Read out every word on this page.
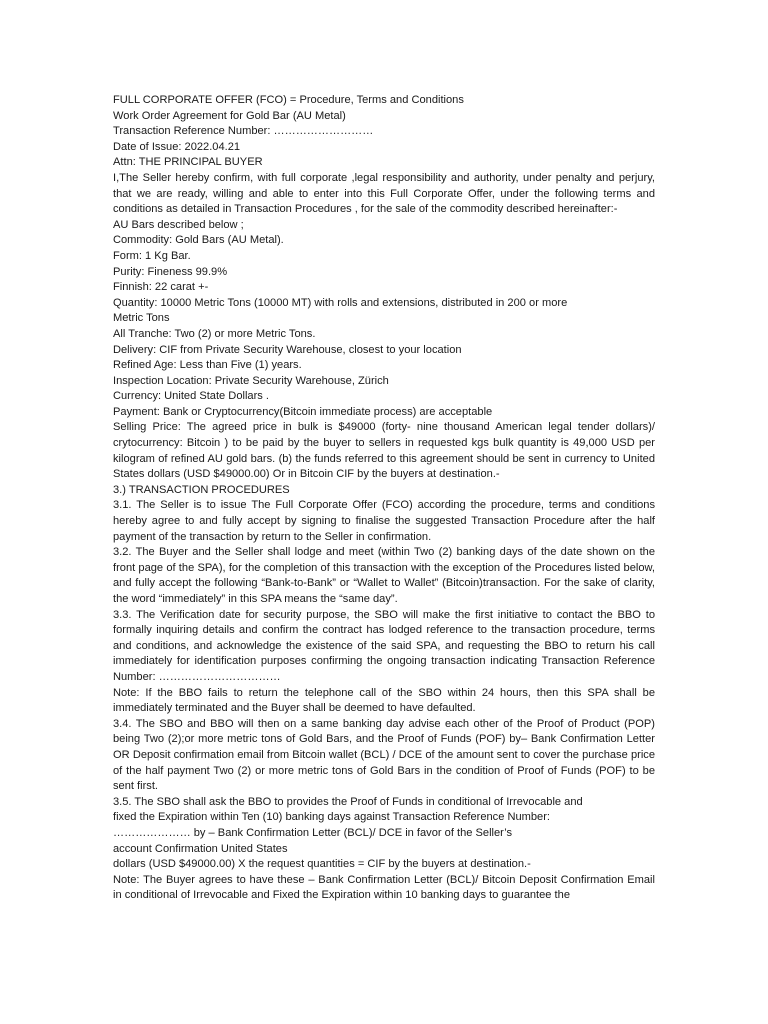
FULL CORPORATE OFFER (FCO) = Procedure, Terms and Conditions

Work Order Agreement for Gold Bar (AU Metal)

Transaction Reference Number: ………………………

Date of Issue: 2022.04.21

Attn: THE PRINCIPAL BUYER

I,The Seller hereby confirm, with full corporate ,legal responsibility and authority, under penalty and perjury, that we are ready, willing and able to enter into this Full Corporate Offer, under the following terms and conditions as detailed in Transaction Procedures , for the sale of the commodity described hereinafter:-

AU Bars described below ;

Commodity: Gold Bars (AU Metal).

Form: 1 Kg Bar.

Purity: Fineness 99.9%

Finnish: 22 carat +-

Quantity: 10000 Metric Tons (10000 MT) with rolls and extensions, distributed in 200 or more

Metric Tons

All Tranche: Two (2) or more Metric Tons.

Delivery: CIF from Private Security Warehouse, closest to your location

Refined Age: Less than Five (1) years.

Inspection Location: Private Security Warehouse, Zürich

Currency: United State Dollars .

Payment: Bank or Cryptocurrency(Bitcoin immediate process) are acceptable

Selling Price: The agreed price in bulk is $49000 (forty- nine thousand American legal tender dollars)/ crytocurrency: Bitcoin ) to be paid by the buyer to sellers in requested kgs bulk quantity is 49,000 USD per kilogram of refined AU gold bars. (b) the funds referred to this agreement should be sent in currency to United States dollars (USD $49000.00) Or in Bitcoin CIF by the buyers at destination.-

3.) TRANSACTION PROCEDURES

3.1. The Seller is to issue The Full Corporate Offer (FCO) according the procedure, terms and conditions hereby agree to and fully accept by signing to finalise the suggested Transaction Procedure after the half payment of the transaction by return to the Seller in confirmation.

3.2. The Buyer and the Seller shall lodge and meet (within Two (2) banking days of the date shown on the front page of the SPA), for the completion of this transaction with the exception of the Procedures listed below, and fully accept the following “Bank-to-Bank” or “Wallet to Wallet” (Bitcoin)transaction. For the sake of clarity, the word “immediately” in this SPA means the “same day”.

3.3. The Verification date for security purpose, the SBO will make the first initiative to contact the BBO to formally inquiring details and confirm the contract has lodged reference to the transaction procedure, terms and conditions, and acknowledge the existence of the said SPA, and requesting the BBO to return his call immediately for identification purposes confirming the ongoing transaction indicating Transaction Reference Number: ……………………………

Note: If the BBO fails to return the telephone call of the SBO within 24 hours, then this SPA shall be immediately terminated and the Buyer shall be deemed to have defaulted.

3.4. The SBO and BBO will then on a same banking day advise each other of the Proof of Product (POP) being Two (2);or more metric tons of Gold Bars, and the Proof of Funds (POF) by– Bank Confirmation Letter OR Deposit confirmation email from Bitcoin wallet (BCL) / DCE of the amount sent to cover the purchase price of the half payment Two (2) or more metric tons of Gold Bars in the condition of Proof of Funds (POF) to be sent first.

3.5. The SBO shall ask the BBO to provides the Proof of Funds in conditional of Irrevocable and

fixed the Expiration within Ten (10) banking days against Transaction Reference Number:

………………… by – Bank Confirmation Letter (BCL)/ DCE in favor of the Seller’s

account Confirmation United States

dollars (USD $49000.00) X the request quantities = CIF by the buyers at destination.-

Note: The Buyer agrees to have these – Bank Confirmation Letter (BCL)/ Bitcoin Deposit Confirmation Email in conditional of Irrevocable and Fixed the Expiration within 10 banking days to guarantee the
